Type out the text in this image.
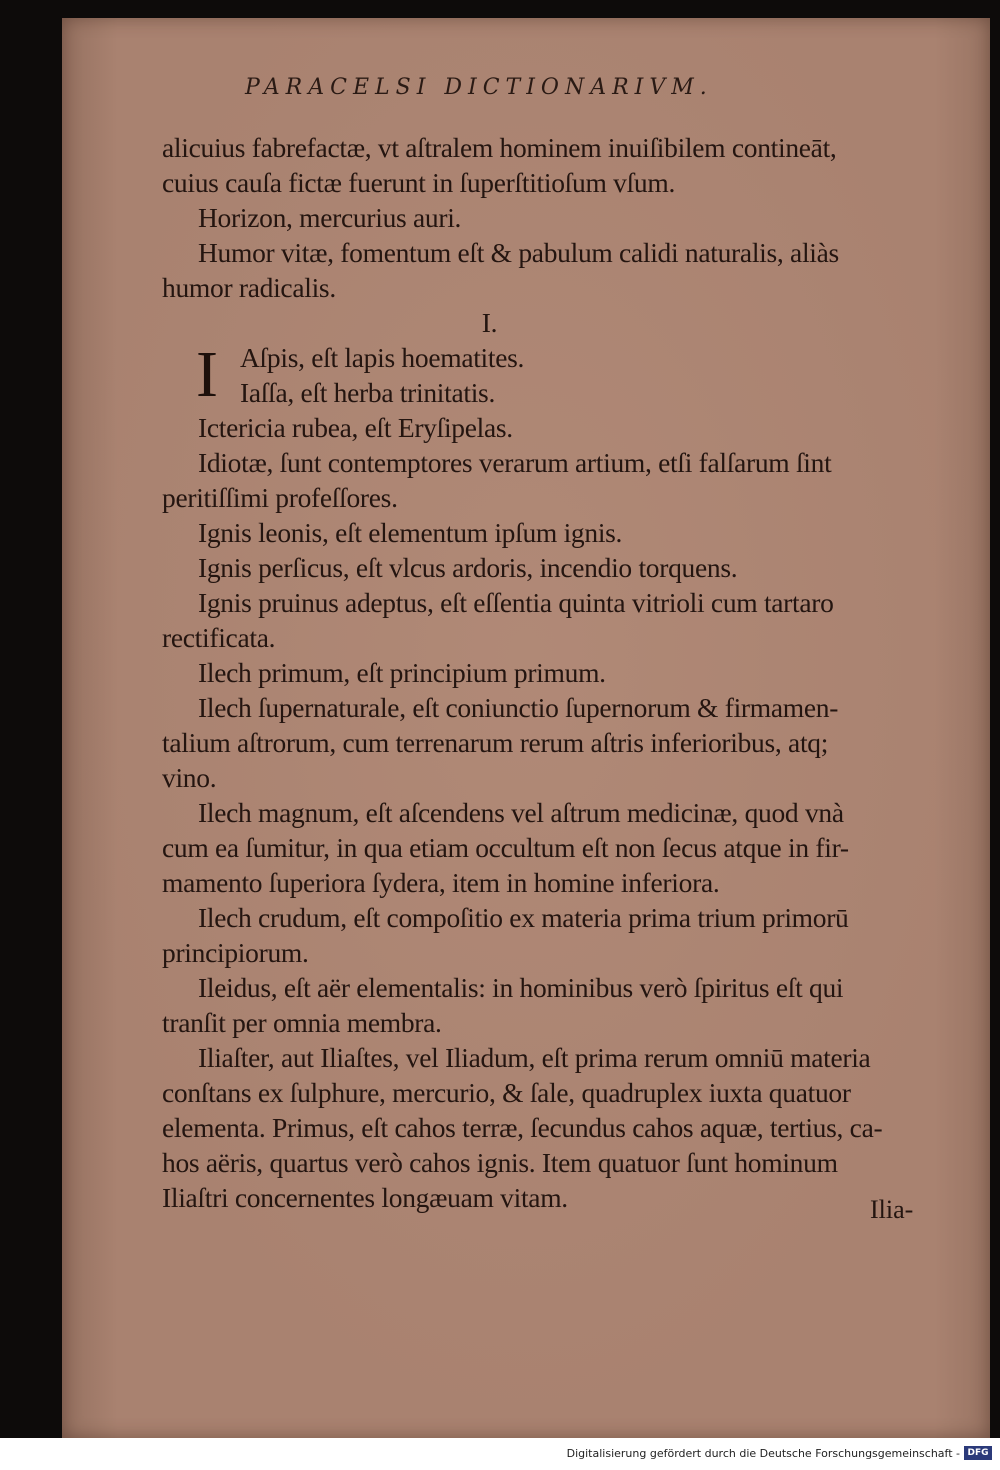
PARACELSI DICTIONARIVM.
alicuius fabrefactæ, vt aſtralem hominem inuiſibilem contineāt,
cuius cauſa fictæ fuerunt in ſuperſtitioſum vſum.
Horizon, mercurius auri.
Humor vitæ, fomentum eſt & pabulum calidi naturalis, aliàs
humor radicalis.
I.
I Aſpis, eſt lapis hoematites.
Iaſſa, eſt herba trinitatis.
Ictericia rubea, eſt Eryſipelas.
Idiotæ, ſunt contemptores verarum artium, etſi falſarum ſint
peritiſſimi profeſſores.
Ignis leonis, eſt elementum ipſum ignis.
Ignis perſicus, eſt vlcus ardoris, incendio torquens.
Ignis pruinus adeptus, eſt eſſentia quinta vitrioli cum tartaro
rectificata.
Ilech primum, eſt principium primum.
Ilech ſupernaturale, eſt coniunctio ſupernorum & firmamen-
talium aſtrorum, cum terrenarum rerum aſtris inferioribus, atq;
vino.
Ilech magnum, eſt aſcendens vel aſtrum medicinæ, quod vnà
cum ea ſumitur, in qua etiam occultum eſt non ſecus atque in fir-
mamento ſuperiora ſydera, item in homine inferiora.
Ilech crudum, eſt compoſitio ex materia prima trium primorū
principiorum.
Ileidus, eſt aër elementalis: in hominibus verò ſpiritus eſt qui
tranſit per omnia membra.
Iliaſter, aut Iliaſtes, vel Iliadum, eſt prima rerum omniū materia
conſtans ex ſulphure, mercurio, & ſale, quadruplex iuxta quatuor
elementa. Primus, eſt cahos terræ, ſecundus cahos aquæ, tertius, ca-
hos aëris, quartus verò cahos ignis. Item quatuor ſunt hominum
Iliaſtri concernentes longæuam vitam.	Ilia-
Digitalisierung gefördert durch die Deutsche Forschungsgemeinschaft - DFG
